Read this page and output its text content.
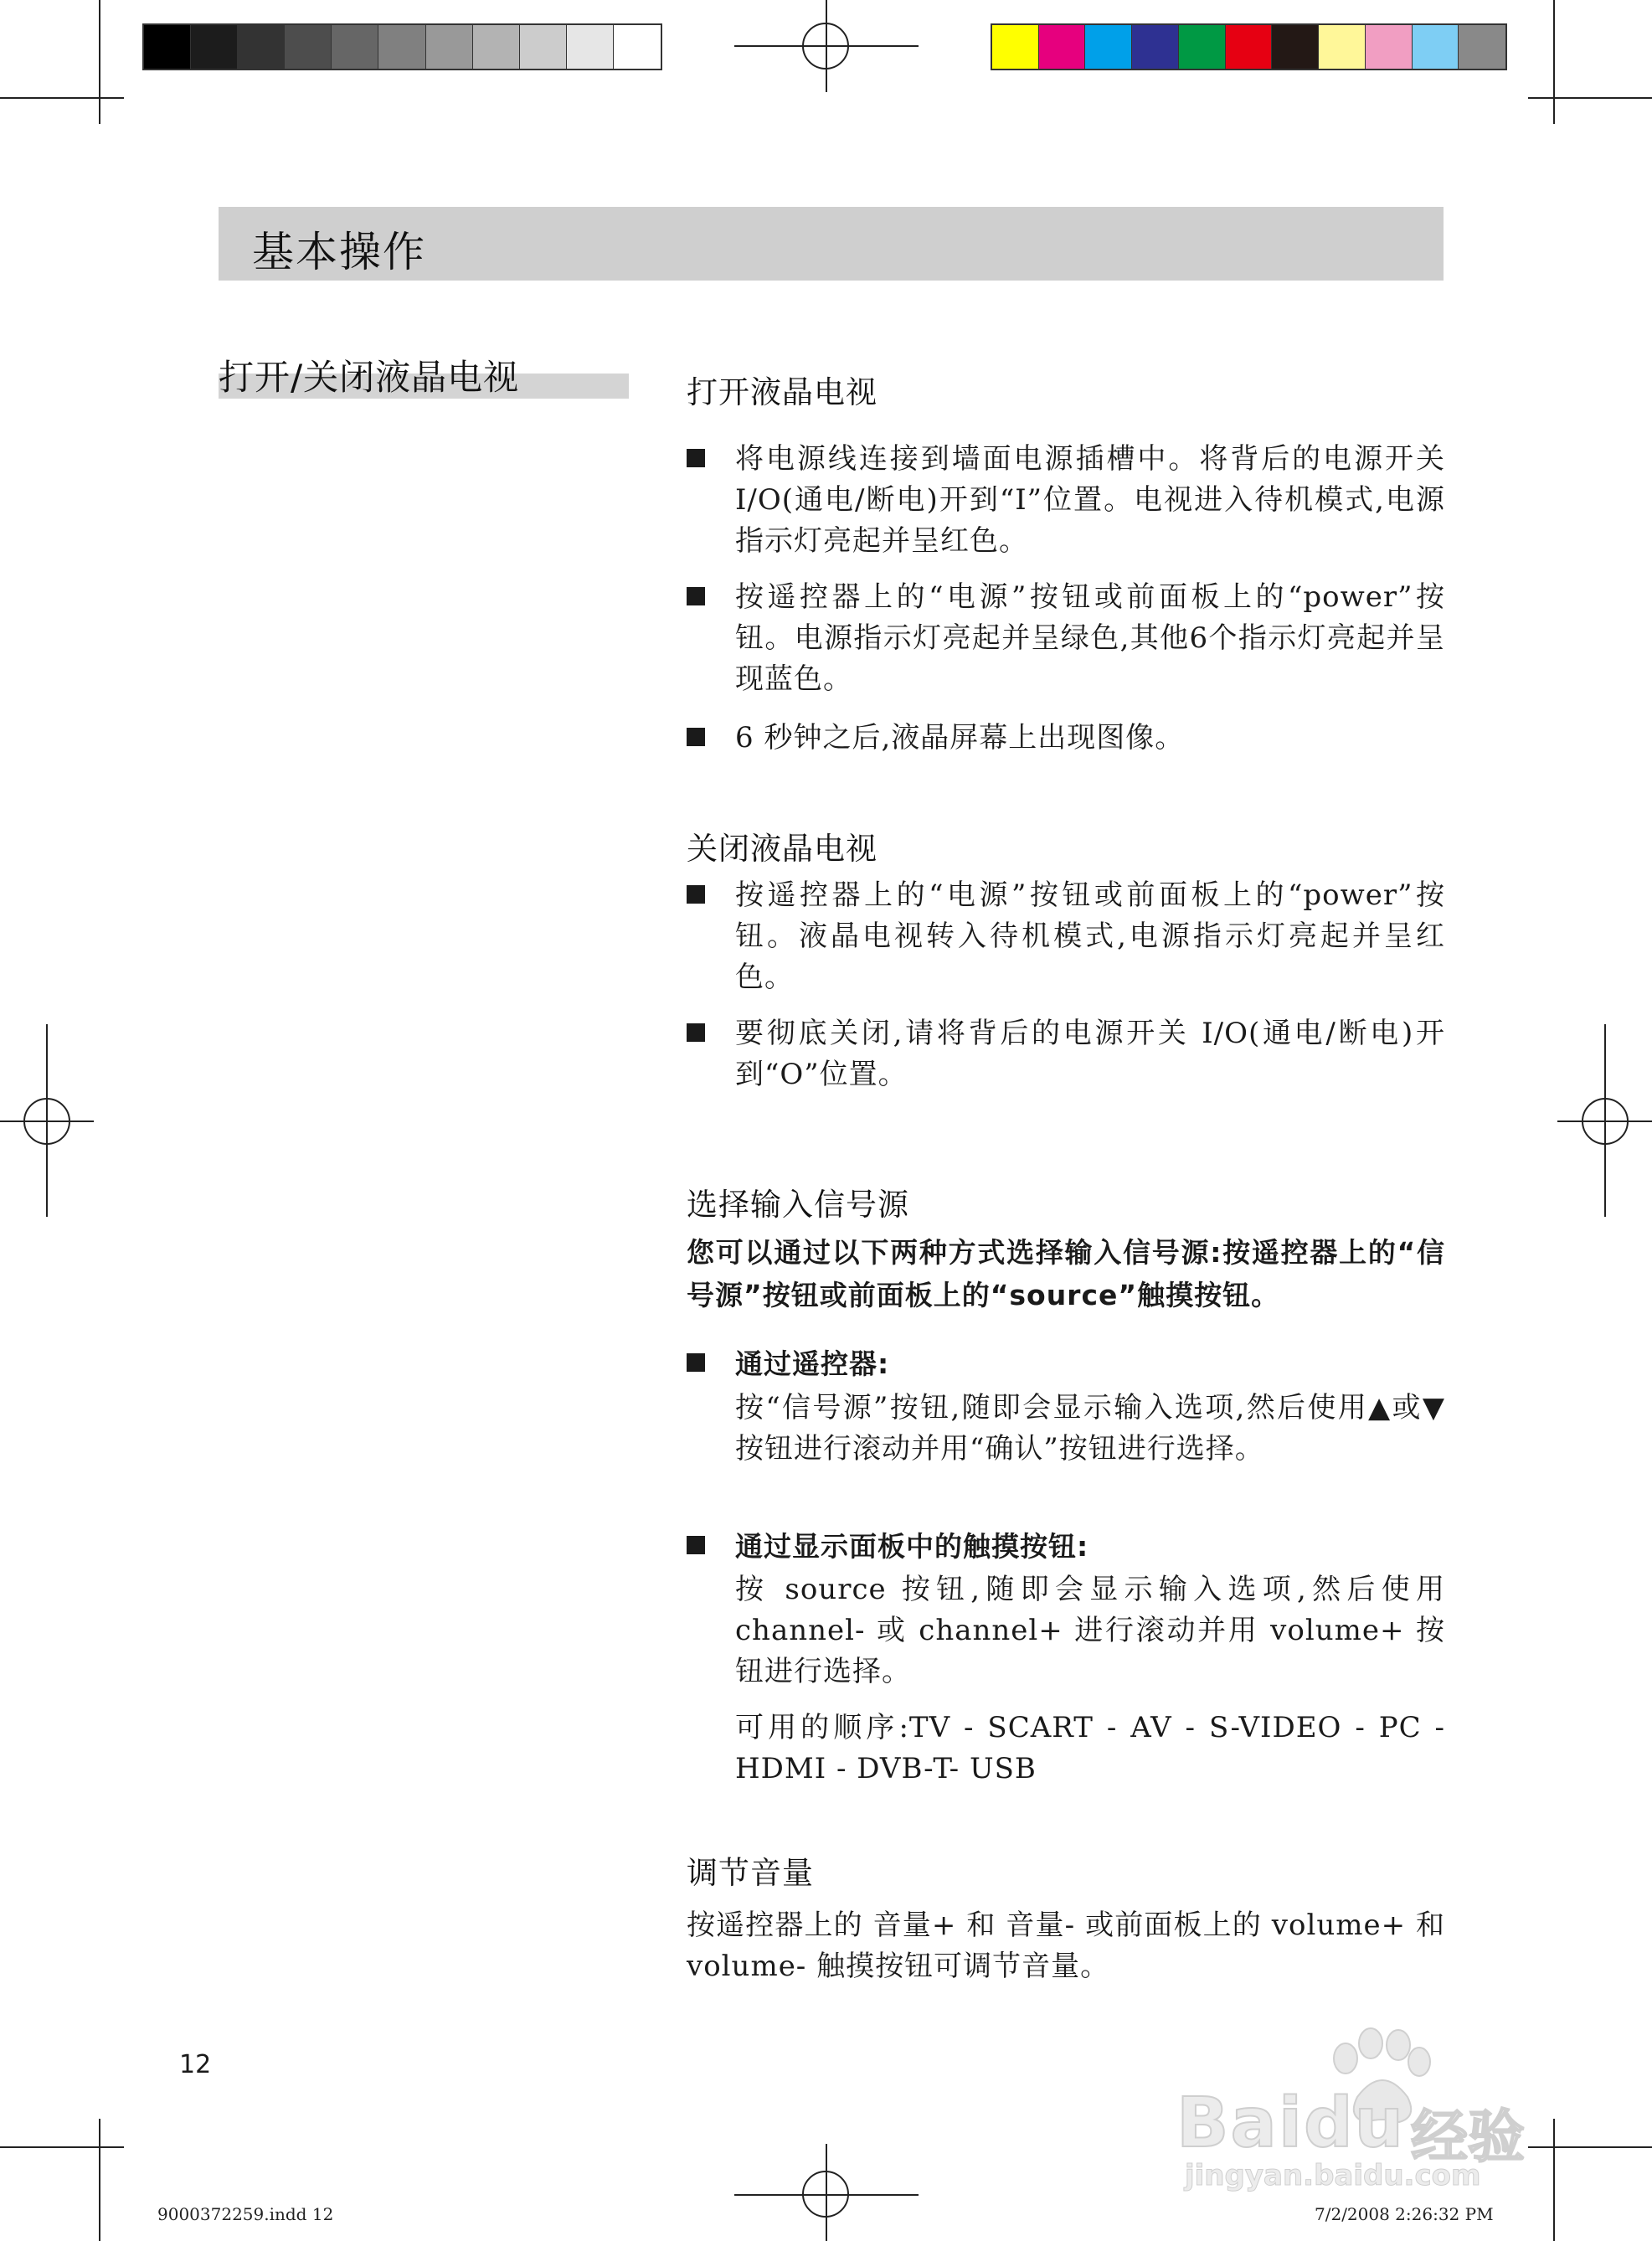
基本操作
打开/关闭液晶电视	打开液晶电视
将电源线连接到墙面电源插槽中。将背后的电源开关I/O(通电/断电)开到“I”位置。电视进入待机模式,电源指示灯亮起并呈红色。
按遥控器上的“电源”按钮或前面板上的“power”按钮。电源指示灯亮起并呈绿色,其他6个指示灯亮起并呈现蓝色。
6 秒钟之后,液晶屏幕上出现图像。
关闭液晶电视
按遥控器上的“电源”按钮或前面板上的“power”按钮。液晶电视转入待机模式,电源指示灯亮起并呈红色。
要彻底关闭,请将背后的电源开关 I/O(通电/断电)开到“O”位置。
选择输入信号源
您可以通过以下两种方式选择输入信号源:按遥控器上的“信号源”按钮或前面板上的“source”触摸按钮。
通过遥控器:
按“信号源”按钮,随即会显示输入选项,然后使用▲或▼ 按钮进行滚动并用“确认”按钮进行选择。
通过显示面板中的触摸按钮:
按 source 按钮,随即会显示输入选项,然后使用channel- 或 channel+ 进行滚动并用 volume+ 按钮进行选择。
可用的顺序:TV - SCART - AV - S-VIDEO - PC - HDMI - DVB-T- USB
调节音量
按遥控器上的 音量+ 和 音量- 或前面板上的 volume+ 和 volume- 触摸按钮可调节音量。
12
9000372259.indd 12	7/2/2008 2:26:32 PM
Baidu 经验
jingyan.baidu.com
